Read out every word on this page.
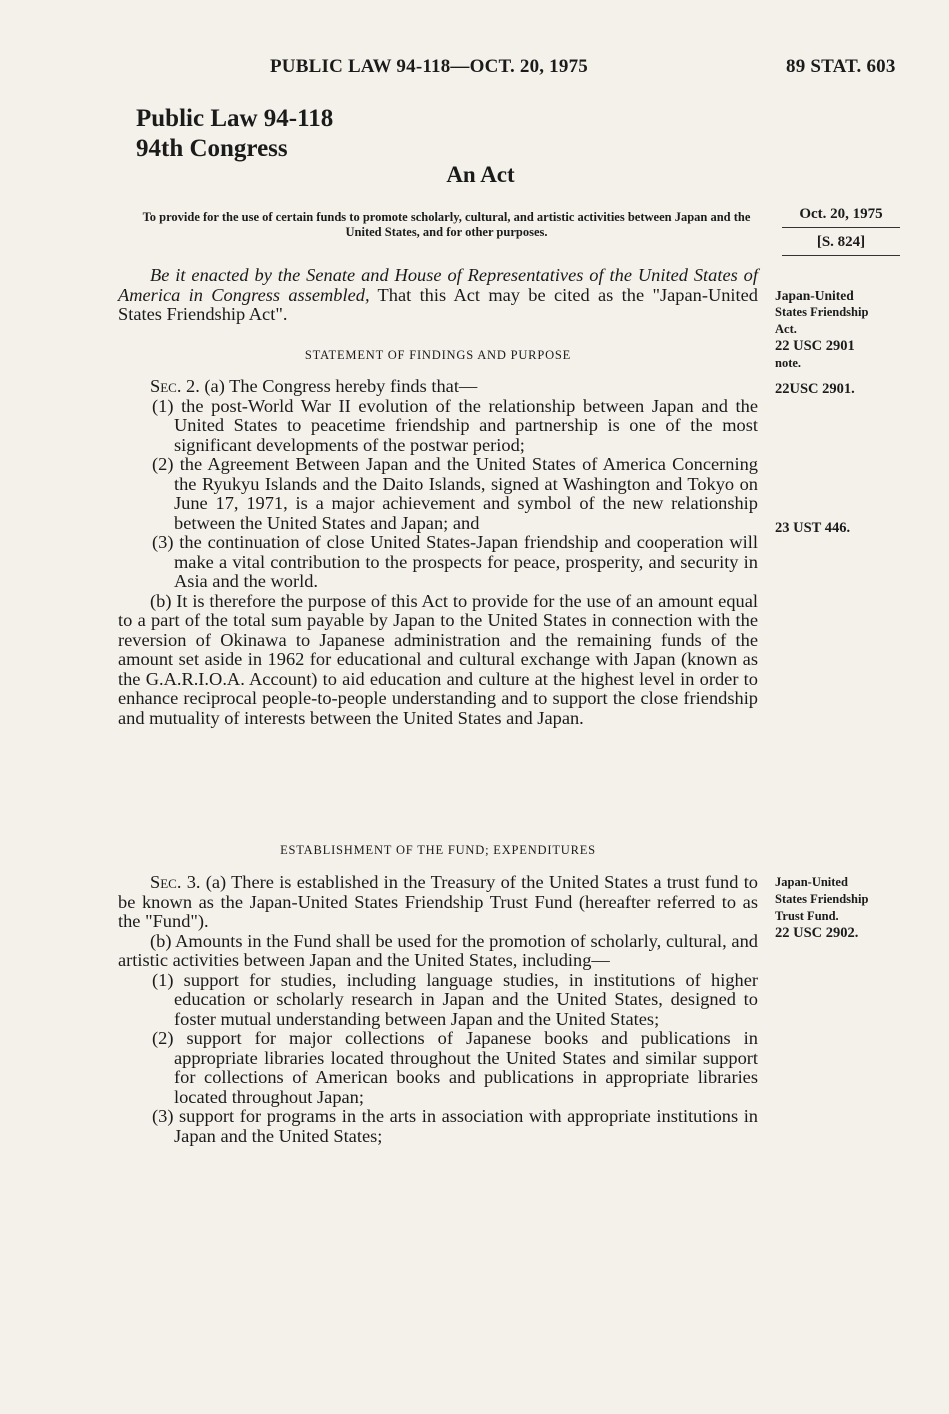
PUBLIC LAW 94-118—OCT. 20, 1975	89 STAT. 603
Public Law 94-118
94th Congress
An Act
To provide for the use of certain funds to promote scholarly, cultural, and artistic activities between Japan and the United States, and for other purposes.
Oct. 20, 1975
[S. 824]

Be it enacted by the Senate and House of Representatives of the United States of America in Congress assembled, That this Act may be cited as the "Japan-United States Friendship Act".

Japan-United
States Friendship
Act.
22 USC 2901
note.
STATEMENT OF FINDINGS AND PURPOSE
22USC 2901.

Sec. 2. (a) The Congress hereby finds that—

(1) the post-World War II evolution of the relationship between Japan and the United States to peacetime friendship and partnership is one of the most significant developments of the postwar period;

(2) the Agreement Between Japan and the United States of America Concerning the Ryukyu Islands and the Daito Islands, signed at Washington and Tokyo on June 17, 1971, is a major achievement and symbol of the new relationship between the United States and Japan; and

(3) the continuation of close United States-Japan friendship and cooperation will make a vital contribution to the prospects for peace, prosperity, and security in Asia and the world.

(b) It is therefore the purpose of this Act to provide for the use of an amount equal to a part of the total sum payable by Japan to the United States in connection with the reversion of Okinawa to Japanese administration and the remaining funds of the amount set aside in 1962 for educational and cultural exchange with Japan (known as the G.A.R.I.O.A. Account) to aid education and culture at the highest level in order to enhance reciprocal people-to-people understanding and to support the close friendship and mutuality of interests between the United States and Japan.

23 UST 446.
ESTABLISHMENT OF THE FUND; EXPENDITURES

Sec. 3. (a) There is established in the Treasury of the United States a trust fund to be known as the Japan-United States Friendship Trust Fund (hereafter referred to as the "Fund").

(b) Amounts in the Fund shall be used for the promotion of scholarly, cultural, and artistic activities between Japan and the United States, including—

(1) support for studies, including language studies, in institutions of higher education or scholarly research in Japan and the United States, designed to foster mutual understanding between Japan and the United States;

(2) support for major collections of Japanese books and publications in appropriate libraries located throughout the United States and similar support for collections of American books and publications in appropriate libraries located throughout Japan;

(3) support for programs in the arts in association with appropriate institutions in Japan and the United States;

Japan-United
States Friendship
Trust Fund.
22 USC 2902.
